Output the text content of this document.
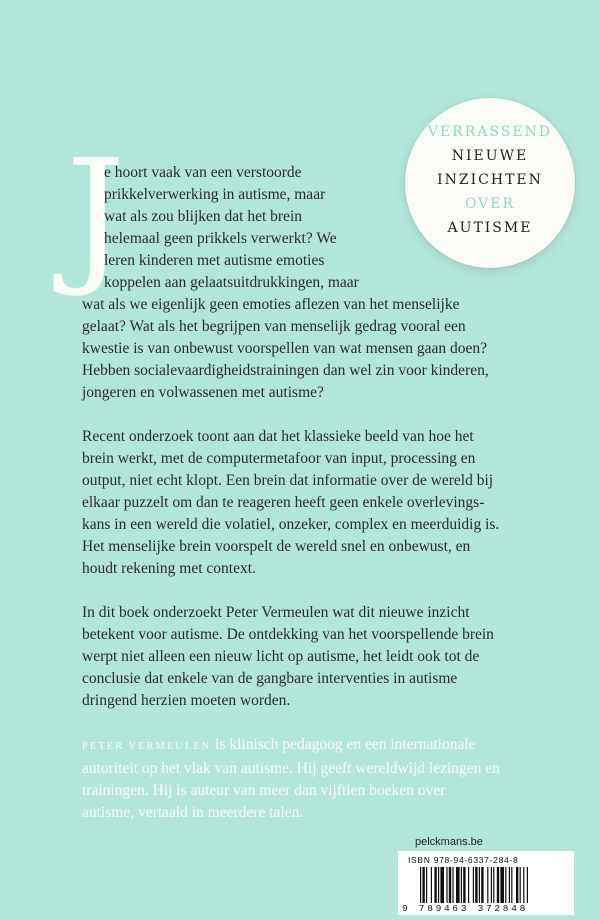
VERRASSEND
NIEUWE
INZICHTEN
OVER
AUTISME
J

e hoort vaak van een verstoorde
prikkelverwerking in autisme, maar
wat als zou blijken dat het brein
helemaal geen prikkels verwerkt? We
leren kinderen met autisme emoties
koppelen aan gelaatsuitdrukkingen, maar
wat als we eigenlijk geen emoties aflezen van het menselijke
gelaat? Wat als het begrijpen van menselijk gedrag vooral een
kwestie is van onbewust voorspellen van wat mensen gaan doen?
Hebben socialevaardigheidstrainingen dan wel zin voor kinderen,
jongeren en volwassenen met autisme?

Recent onderzoek toont aan dat het klassieke beeld van hoe het
brein werkt, met de computermetafoor van input, processing en
output, niet echt klopt. Een brein dat informatie over de wereld bij
elkaar puzzelt om dan te reageren heeft geen enkele overlevings-
kans in een wereld die volatiel, onzeker, complex en meerduidig is.
Het menselijke brein voorspelt de wereld snel en onbewust, en
houdt rekening met context.

In dit boek onderzoekt Peter Vermeulen wat dit nieuwe inzicht
betekent voor autisme. De ontdekking van het voorspellende brein
werpt niet alleen een nieuw licht op autisme, het leidt ook tot de
conclusie dat enkele van de gangbare interventies in autisme
dringend herzien moeten worden.

PETER VERMEULEN is klinisch pedagoog en een internationale
autoriteit op het vlak van autisme. Hij geeft wereldwijd lezingen en
trainingen. Hij is auteur van meer dan vijftien boeken over
autisme, vertaald in meerdere talen.

pelckmans.be
ISBN 978-94-6337-284-8
9 789463 372848
